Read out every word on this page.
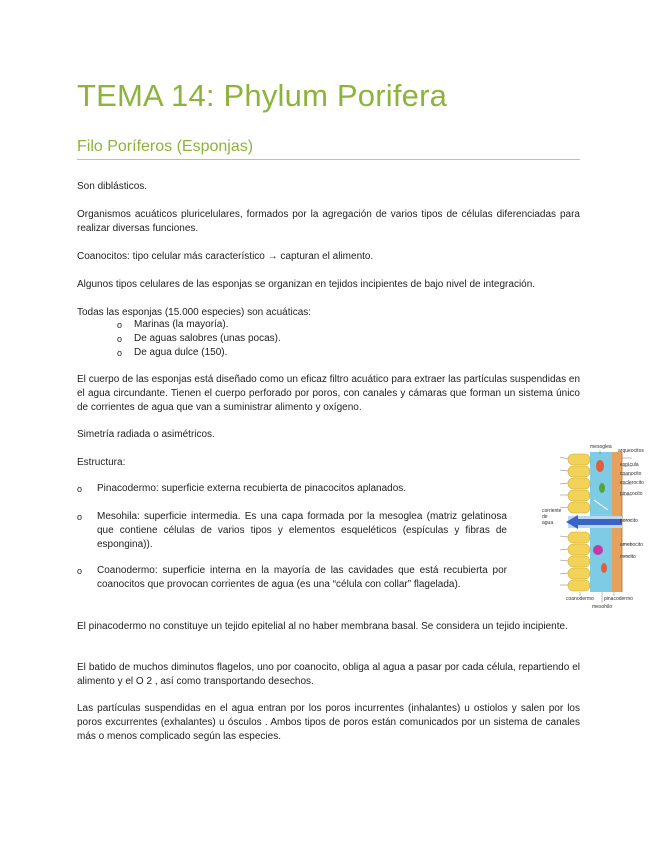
TEMA 14: Phylum Porifera
Filo Poríferos (Esponjas)

Son diblásticos.

Organismos acuáticos pluricelulares, formados por la agregación de varios tipos de células diferenciadas para realizar diversas funciones.

Coanocitos: tipo celular más característico → capturan el alimento.

Algunos tipos celulares de las esponjas se organizan en tejidos incipientes de bajo nivel de integración.

Todas las esponjas (15.000 especies) son acuáticas:

o Marinas (la mayoría).
o De aguas salobres (unas pocas).
o De agua dulce (150).

El cuerpo de las esponjas está diseñado como un eficaz filtro acuático para extraer las partículas suspendidas en el agua circundante. Tienen el cuerpo perforado por poros, con canales y cámaras que forman un sistema único de corrientes de agua que van a suministrar alimento y oxígeno.

Simetría radiada o asimétricos.

Estructura:

o Pinacodermo: superficie externa recubierta de pinacocitos aplanados.
o Mesohila: superficie intermedia. Es una capa formada por la mesoglea (matriz gelatinosa que contiene células de varios tipos y elementos esqueléticos (espículas y fibras de espongina)).
o Coanodermo: superficie interna en la mayoría de las cavidades que está recubierta por coanocitos que provocan corrientes de agua (es una “célula con collar” flagelada).
mesoglea
arqueocitos
espícula
coanocito
esclerocito
pinacocito
corriente
de
agua	porocito
amebocito
ovocito
coanodermo pinacodermo
mesohilo

El pinacodermo no constituye un tejido epitelial al no haber membrana basal. Se considera un tejido incipiente.

El batido de muchos diminutos flagelos, uno por coanocito, obliga al agua a pasar por cada célula, repartiendo el alimento y el O 2 , así como transportando desechos.

Las partículas suspendidas en el agua entran por los poros incurrentes (inhalantes) u ostiolos y salen por los poros excurrentes (exhalantes) u ósculos . Ambos tipos de poros están comunicados por un sistema de canales más o menos complicado según las especies.
